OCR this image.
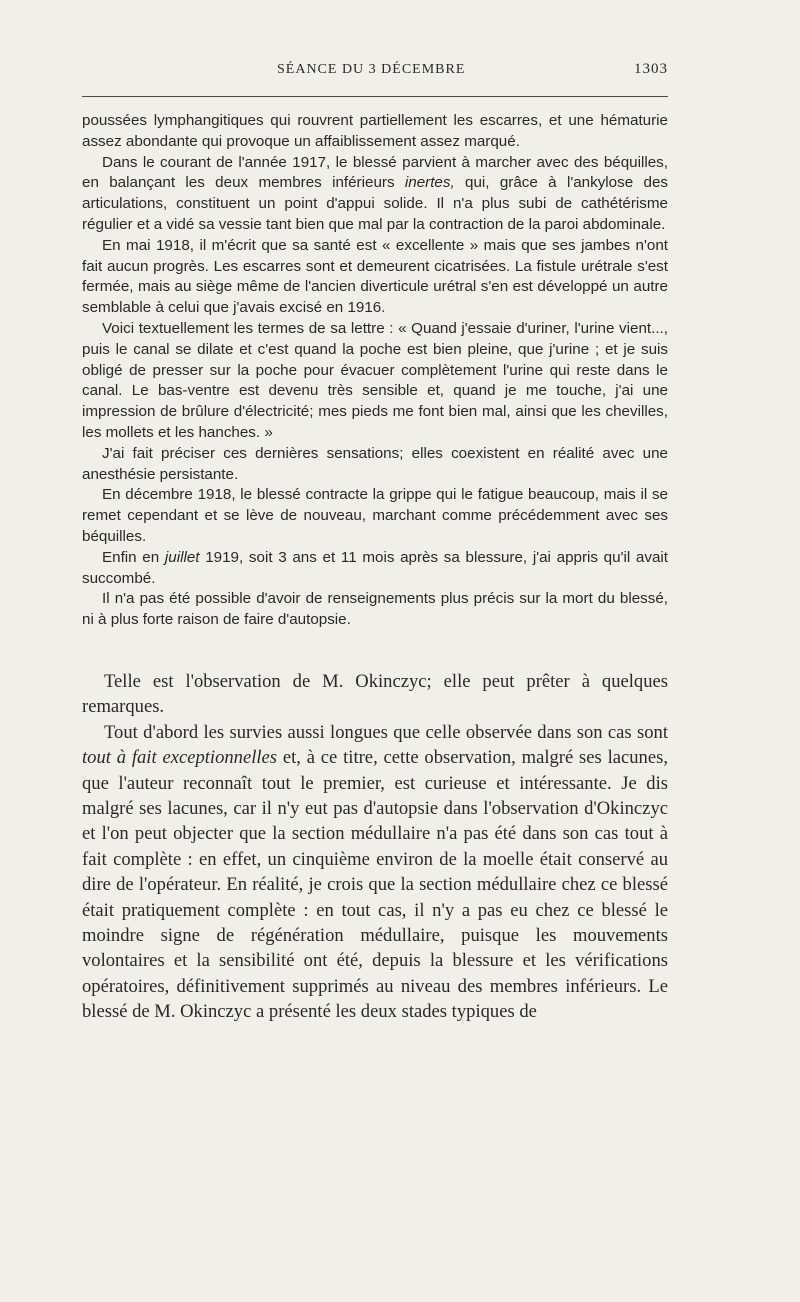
SÉANCE DU 3 DÉCEMBRE	1303

poussées lymphangitiques qui rouvrent partiellement les escarres, et une hématurie assez abondante qui provoque un affaiblissement assez marqué.

Dans le courant de l'année 1917, le blessé parvient à marcher avec des béquilles, en balançant les deux membres inférieurs inertes, qui, grâce à l'ankylose des articulations, constituent un point d'appui solide. Il n'a plus subi de cathétérisme régulier et a vidé sa vessie tant bien que mal par la contraction de la paroi abdominale.

En mai 1918, il m'écrit que sa santé est « excellente » mais que ses jambes n'ont fait aucun progrès. Les escarres sont et demeurent cicatrisées. La fistule urétrale s'est fermée, mais au siège même de l'ancien diverticule urétral s'en est développé un autre semblable à celui que j'avais excisé en 1916.

Voici textuellement les termes de sa lettre : « Quand j'essaie d'uriner, l'urine vient..., puis le canal se dilate et c'est quand la poche est bien pleine, que j'urine ; et je suis obligé de presser sur la poche pour évacuer complètement l'urine qui reste dans le canal. Le bas-ventre est devenu très sensible et, quand je me touche, j'ai une impression de brûlure d'électricité; mes pieds me font bien mal, ainsi que les chevilles, les mollets et les hanches. »

J'ai fait préciser ces dernières sensations; elles coexistent en réalité avec une anesthésie persistante.

En décembre 1918, le blessé contracte la grippe qui le fatigue beaucoup, mais il se remet cependant et se lève de nouveau, marchant comme précédemment avec ses béquilles.

Enfin en juillet 1919, soit 3 ans et 11 mois après sa blessure, j'ai appris qu'il avait succombé.

Il n'a pas été possible d'avoir de renseignements plus précis sur la mort du blessé, ni à plus forte raison de faire d'autopsie.

Telle est l'observation de M. Okinczyc; elle peut prêter à quelques remarques.

Tout d'abord les survies aussi longues que celle observée dans son cas sont tout à fait exceptionnelles et, à ce titre, cette observation, malgré ses lacunes, que l'auteur reconnaît tout le premier, est curieuse et intéressante. Je dis malgré ses lacunes, car il n'y eut pas d'autopsie dans l'observation d'Okinczyc et l'on peut objecter que la section médullaire n'a pas été dans son cas tout à fait complète : en effet, un cinquième environ de la moelle était conservé au dire de l'opérateur. En réalité, je crois que la section médullaire chez ce blessé était pratiquement complète : en tout cas, il n'y a pas eu chez ce blessé le moindre signe de régénération médullaire, puisque les mouvements volontaires et la sensibilité ont été, depuis la blessure et les vérifications opératoires, définitivement supprimés au niveau des membres inférieurs. Le blessé de M. Okinczyc a présenté les deux stades typiques de
